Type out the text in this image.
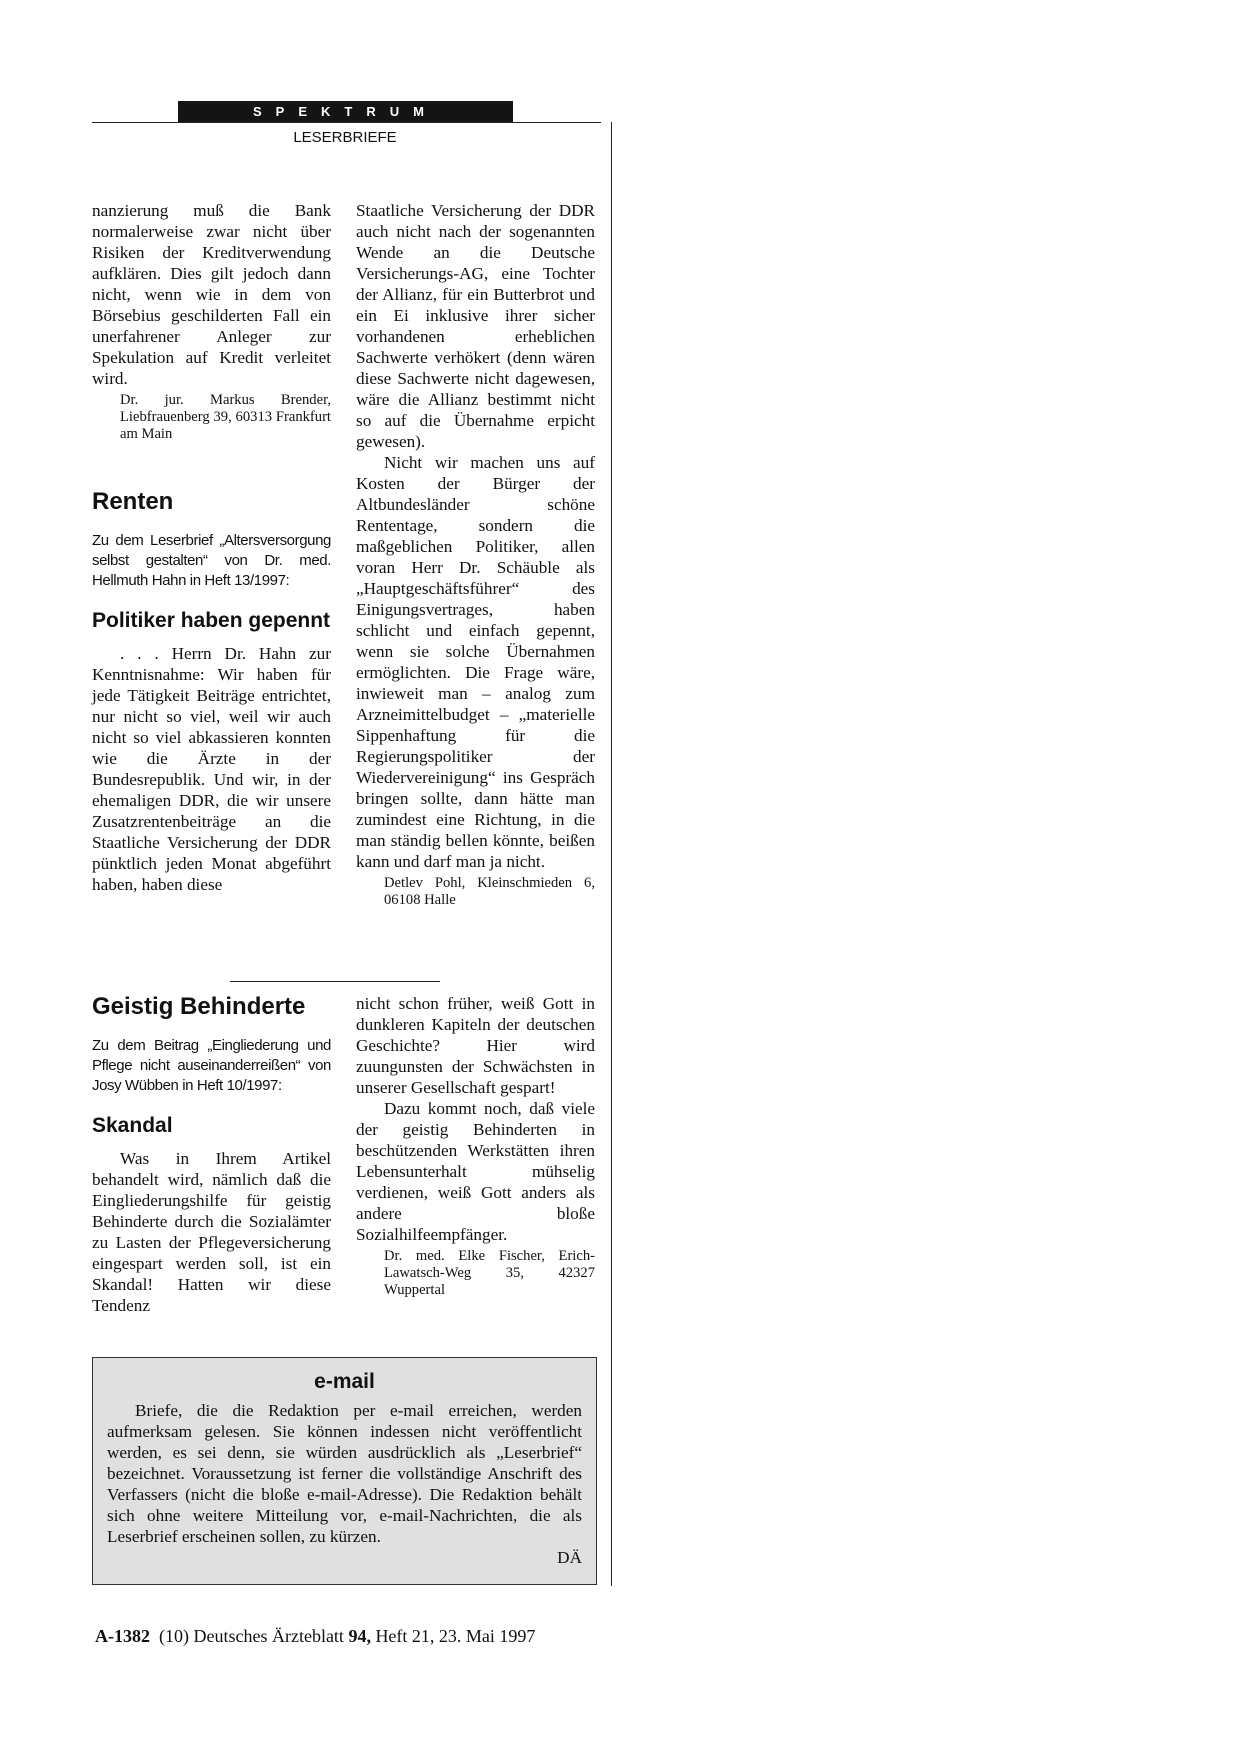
SPEKTRUM
LESERBRIEFE

nanzierung muß die Bank normalerweise zwar nicht über Risiken der Kreditverwendung aufklären. Dies gilt jedoch dann nicht, wenn wie in dem von Börsebius geschilderten Fall ein unerfahrener Anleger zur Spekulation auf Kredit verleitet wird.

Dr. jur. Markus Brender, Liebfrauenberg 39, 60313 Frankfurt am Main
Renten
Zu dem Leserbrief „Altersversorgung selbst gestalten“ von Dr. med. Hellmuth Hahn in Heft 13/1997:
Politiker haben gepennt

. . . Herrn Dr. Hahn zur Kenntnisnahme: Wir haben für jede Tätigkeit Beiträge entrichtet, nur nicht so viel, weil wir auch nicht so viel abkassieren konnten wie die Ärzte in der Bundesrepublik. Und wir, in der ehemaligen DDR, die wir unsere Zusatzrentenbeiträge an die Staatliche Versicherung der DDR pünktlich jeden Monat abgeführt haben, haben diese

Staatliche Versicherung der DDR auch nicht nach der sogenannten Wende an die Deutsche Versicherungs-AG, eine Tochter der Allianz, für ein Butterbrot und ein Ei inklusive ihrer sicher vorhandenen erheblichen Sachwerte verhökert (denn wären diese Sachwerte nicht dagewesen, wäre die Allianz bestimmt nicht so auf die Übernahme erpicht gewesen).

Nicht wir machen uns auf Kosten der Bürger der Altbundesländer schöne Rententage, sondern die maßgeblichen Politiker, allen voran Herr Dr. Schäuble als „Hauptgeschäftsführer“ des Einigungsvertrages, haben schlicht und einfach gepennt, wenn sie solche Übernahmen ermöglichten. Die Frage wäre, inwieweit man – analog zum Arzneimittelbudget – „materielle Sippenhaftung für die Regierungspolitiker der Wiedervereinigung“ ins Gespräch bringen sollte, dann hätte man zumindest eine Richtung, in die man ständig bellen könnte, beißen kann und darf man ja nicht.

Detlev Pohl, Kleinschmieden 6, 06108 Halle
Geistig Behinderte
Zu dem Beitrag „Eingliederung und Pflege nicht auseinanderreißen“ von Josy Wübben in Heft 10/1997:
Skandal

Was in Ihrem Artikel behandelt wird, nämlich daß die Eingliederungshilfe für geistig Behinderte durch die Sozialämter zu Lasten der Pflegeversicherung eingespart werden soll, ist ein Skandal! Hatten wir diese Tendenz

nicht schon früher, weiß Gott in dunkleren Kapiteln der deutschen Geschichte? Hier wird zuungunsten der Schwächsten in unserer Gesellschaft gespart!

Dazu kommt noch, daß viele der geistig Behinderten in beschützenden Werkstätten ihren Lebensunterhalt mühselig verdienen, weiß Gott anders als andere bloße Sozialhilfeempfänger.

Dr. med. Elke Fischer, Erich-Lawatsch-Weg 35, 42327 Wuppertal
e-mail

Briefe, die die Redaktion per e-mail erreichen, werden aufmerksam gelesen. Sie können indessen nicht veröffentlicht werden, es sei denn, sie würden ausdrücklich als „Leserbrief“ bezeichnet. Voraussetzung ist ferner die vollständige Anschrift des Verfassers (nicht die bloße e-mail-Adresse). Die Redaktion behält sich ohne weitere Mitteilung vor, e-mail-Nachrichten, die als Leserbrief erscheinen sollen, zu kürzen.

DÄ

A-1382 (10) Deutsches Ärzteblatt 94, Heft 21, 23. Mai 1997
